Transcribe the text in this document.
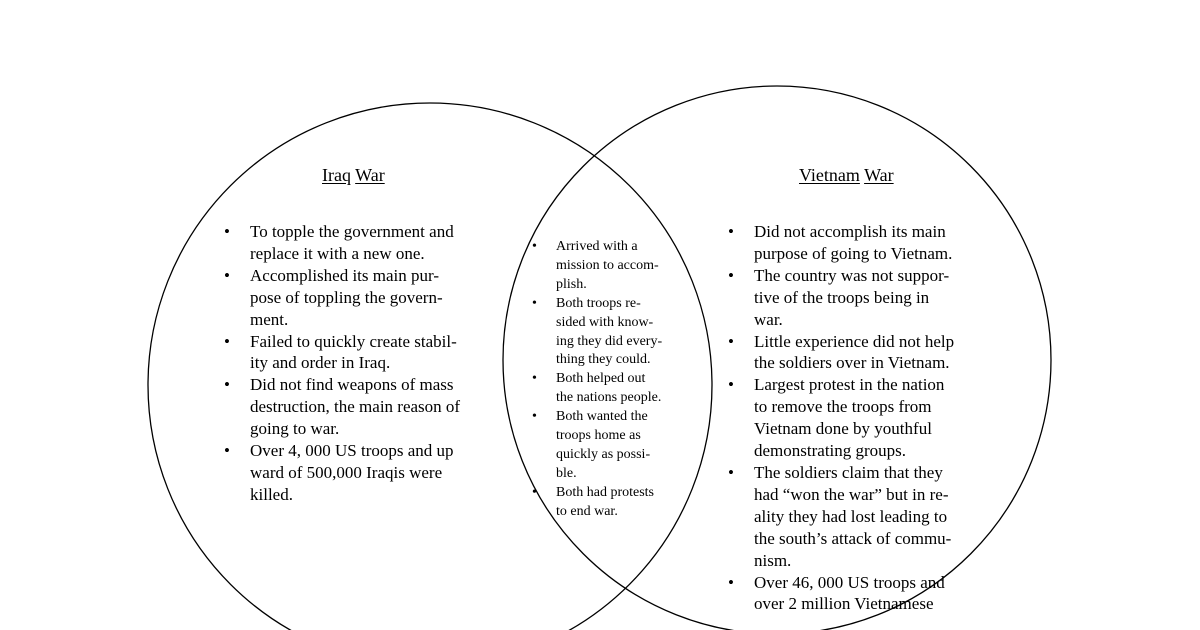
Iraq War	Vietnam War
• To topple the government and
replace it with a new one.
• Accomplished its main pur-
pose of toppling the govern-
ment.
• Failed to quickly create stabil-
ity and order in Iraq.
• Did not find weapons of mass
destruction, the main reason of
going to war.
• Over 4, 000 US troops and up
ward of 500,000 Iraqis were
killed.
• Arrived with a
mission to accom-
plish.
• Both troops re-
sided with know-
ing they did every-
thing they could.
• Both helped out
the nations people.
• Both wanted the
troops home as
quickly as possi-
ble.
• Both had protests
to end war.
• Did not accomplish its main
purpose of going to Vietnam.
• The country was not suppor-
tive of the troops being in
war.
• Little experience did not help
the soldiers over in Vietnam.
• Largest protest in the nation
to remove the troops from
Vietnam done by youthful
demonstrating groups.
• The soldiers claim that they
had “won the war” but in re-
ality they had lost leading to
the south’s attack of commu-
nism.
• Over 46, 000 US troops and
over 2 million Vietnamese
